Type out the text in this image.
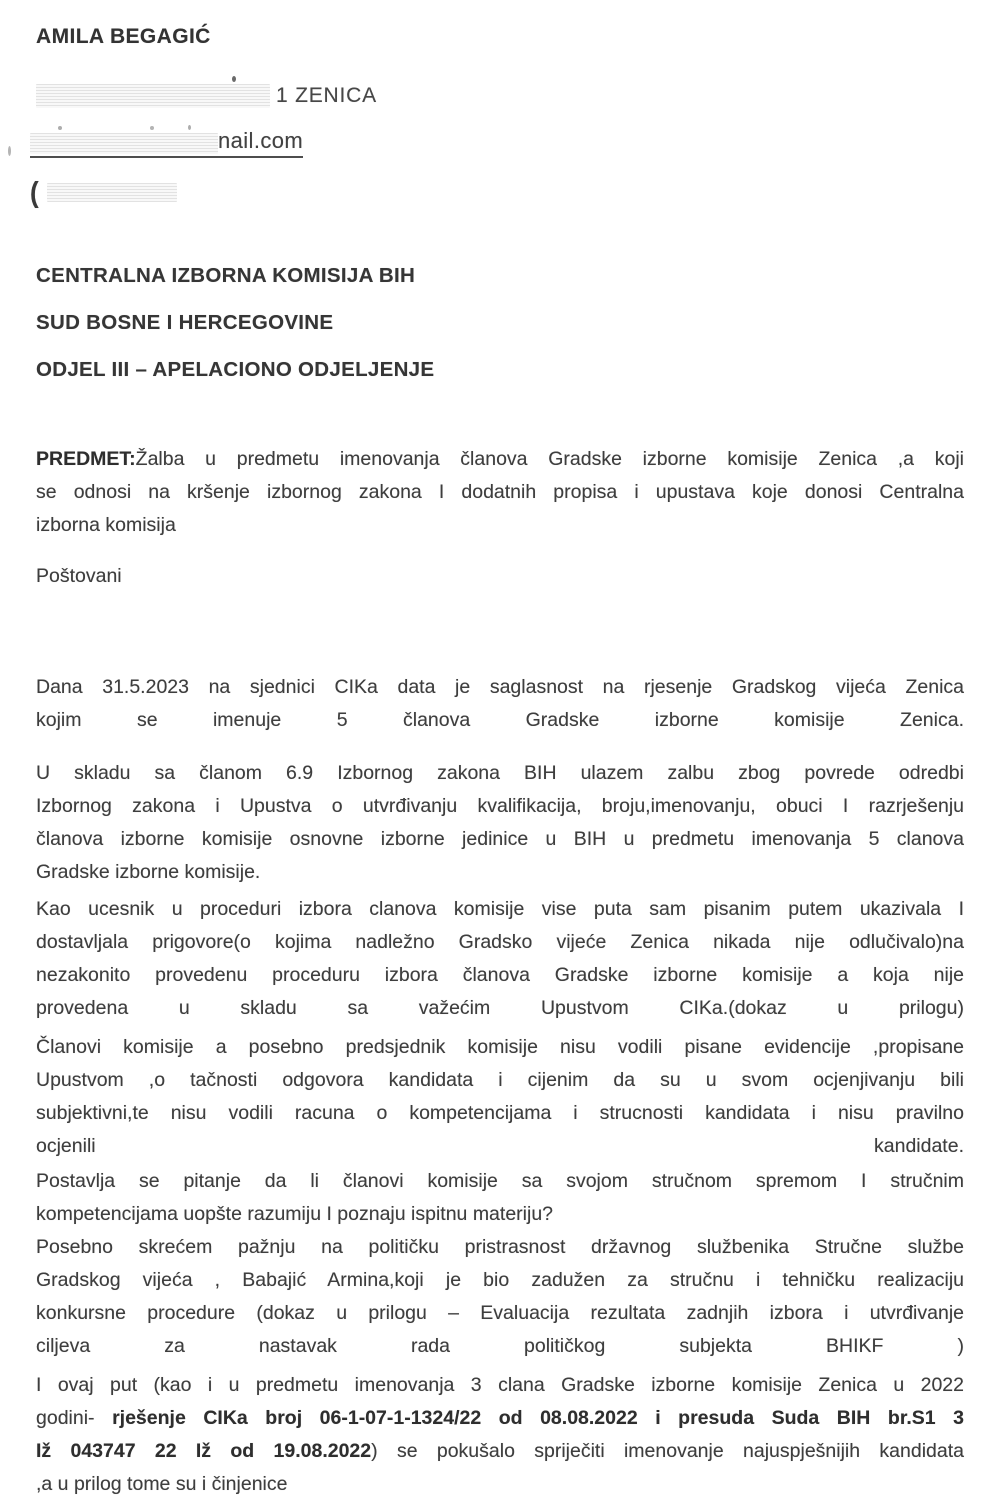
AMILA BEGAGIĆ
1 ZENICA
nail.com
(
CENTRALNA IZBORNA KOMISIJA BIH
SUD BOSNE I HERCEGOVINE
ODJEL III – APELACIONO ODJELJENJE
PREDMET:Žalba u predmetu imenovanja članova Gradske izborne komisije Zenica ,a koji
se odnosi na kršenje izbornog zakona I dodatnih propisa i upustava koje donosi Centralna
izborna komisija
Poštovani
Dana 31.5.2023 na sjednici CIKa data je saglasnost na rjesenje Gradskog vijeća Zenica
kojim se imenuje 5 članova Gradske izborne komisije Zenica.
U skladu sa članom 6.9 Izbornog zakona BIH ulazem zalbu zbog povrede odredbi
Izbornog zakona i Upustva o utvrđivanju kvalifikacija, broju,imenovanju, obuci I razrješenju
članova izborne komisije osnovne izborne jedinice u BIH u predmetu imenovanja 5 clanova
Gradske izborne komisije.
Kao ucesnik u proceduri izbora clanova komisije vise puta sam pisanim putem ukazivala I
dostavljala prigovore(o kojima nadležno Gradsko vijeće Zenica nikada nije odlučivalo)na
nezakonito provedenu proceduru izbora članova Gradske izborne komisije a koja nije
provedena u skladu sa važećim Upustvom CIKa.(dokaz u prilogu)
Članovi komisije a posebno predsjednik komisije nisu vodili pisane evidencije ,propisane
Upustvom ,o tačnosti odgovora kandidata i cijenim da su u svom ocjenjivanju bili
subjektivni,te nisu vodili racuna o kompetencijama i strucnosti kandidata i nisu pravilno
ocjenili kandidate.
Postavlja se pitanje da li članovi komisije sa svojom stručnom spremom I stručnim
kompetencijama uopšte razumiju I poznaju ispitnu materiju?
Posebno skrećem pažnju na političku pristrasnost državnog službenika Stručne službe
Gradskog vijeća , Babajić Armina,koji je bio zadužen za stručnu i tehničku realizaciju
konkursne procedure (dokaz u prilogu – Evaluacija rezultata zadnjih izbora i utvrđivanje
ciljeva za nastavak rada političkog subjekta BHIKF )
I ovaj put (kao i u predmetu imenovanja 3 clana Gradske izborne komisije Zenica u 2022
godini- rješenje CIKa broj 06-1-07-1-1324/22 od 08.08.2022 i presuda Suda BIH br.S1 3
Iž 043747 22 Iž od 19.08.2022) se pokušalo spriječiti imenovanje najuspješnijih kandidata
,a u prilog tome su i činjenice
